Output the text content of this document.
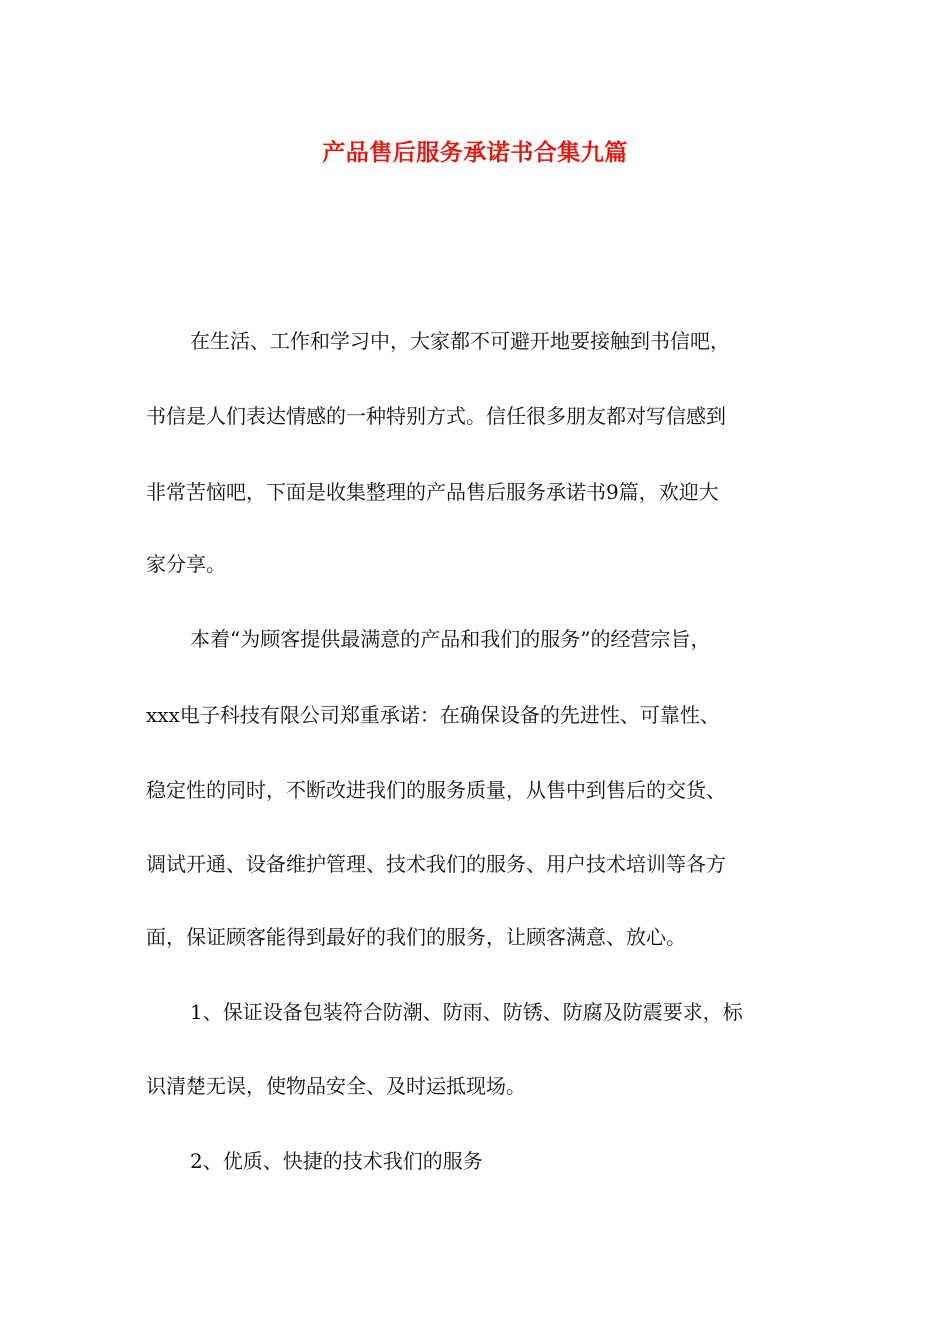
产品售后服务承诺书合集九篇
在生活、工作和学习中，大家都不可避开地要接触到书信吧，
书信是人们表达情感的一种特别方式。信任很多朋友都对写信感到
非常苦恼吧，下面是收集整理的产品售后服务承诺书9篇，欢迎大
家分享。
本着“为顾客提供最满意的产品和我们的服务”的经营宗旨，
xxx电子科技有限公司郑重承诺：在确保设备的先进性、可靠性、
稳定性的同时，不断改进我们的服务质量，从售中到售后的交货、
调试开通、设备维护管理、技术我们的服务、用户技术培训等各方
面，保证顾客能得到最好的我们的服务，让顾客满意、放心。
1、保证设备包装符合防潮、防雨、防锈、防腐及防震要求，标
识清楚无误，使物品安全、及时运抵现场。
2、优质、快捷的技术我们的服务
